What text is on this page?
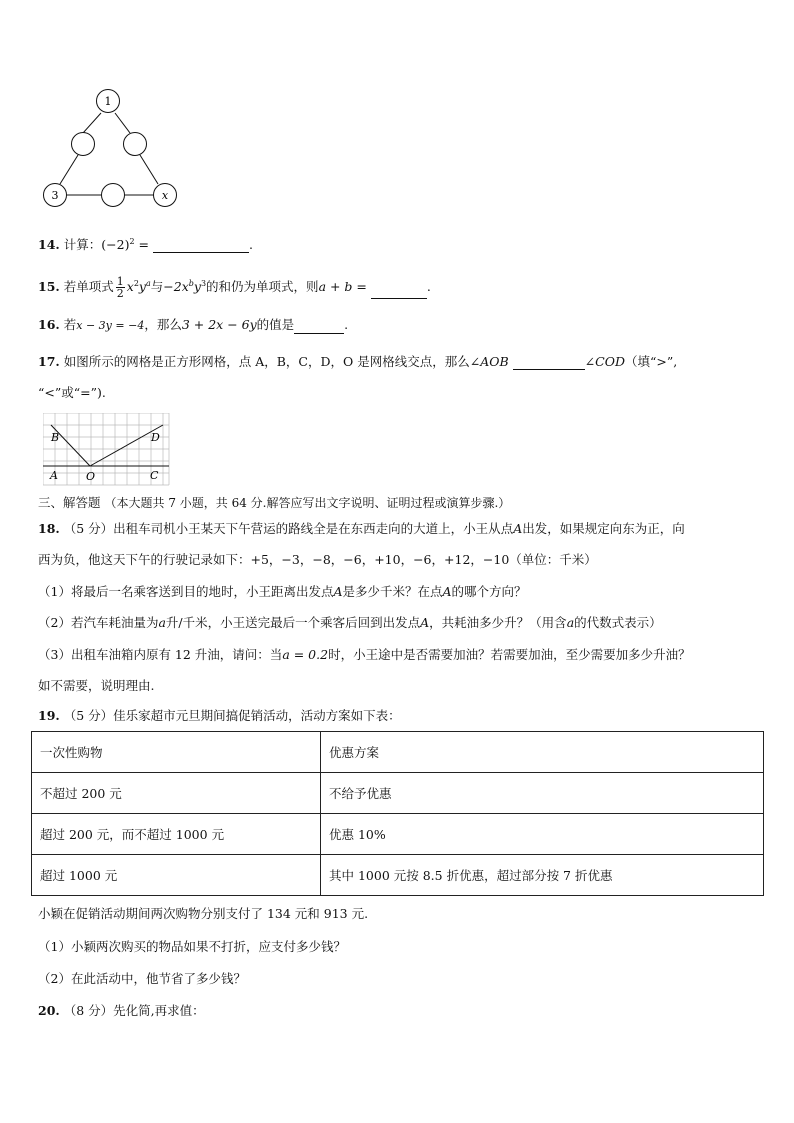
1
3	x
14. 计算：$(-2)^2$ =	.
15. 若单项式 $\frac{1}{2} x^2y^a$与$-2x^by^3$的和仍为单项式，则a + b =	.
16. 若x − 3y = −4，那么3 + 2x − 6y的值是	.
17. 如图所示的网格是正方形网格，点 A，B，C，D，O 是网格线交点，那么∠AOB	∠COD（填“>”,
“<”或“=”).
B	D
A	O	C
三、解答题 （本大题共 7 小题，共 64 分.解答应写出文字说明、证明过程或演算步骤.）
18. （5 分）出租车司机小王某天下午营运的路线全是在东西走向的大道上，小王从点A出发，如果规定向东为正，向
西为负，他这天下午的行驶记录如下：+5，−3，−8，−6，+10，−6，+12，−10（单位：千米）
（1）将最后一名乘客送到目的地时，小王距离出发点A是多少千米？在点A的哪个方向？
（2）若汽车耗油量为a升/千米，小王送完最后一个乘客后回到出发点A，共耗油多少升？（用含a的代数式表示）
（3）出租车油箱内原有 12 升油，请问：当a = 0.2时，小王途中是否需要加油？若需要加油，至少需要加多少升油？
如不需要，说明理由.
19. （5 分）佳乐家超市元旦期间搞促销活动，活动方案如下表：
一次性购物	优惠方案
不超过 200 元	不给予优惠
超过 200 元，而不超过 1000 元	优惠 10%
超过 1000 元	其中 1000 元按 8.5 折优惠，超过部分按 7 折优惠
小颖在促销活动期间两次购物分别支付了 134 元和 913 元.
（1）小颖两次购买的物品如果不打折，应支付多少钱？
（2）在此活动中，他节省了多少钱？
20. （8 分）先化简,再求值：
